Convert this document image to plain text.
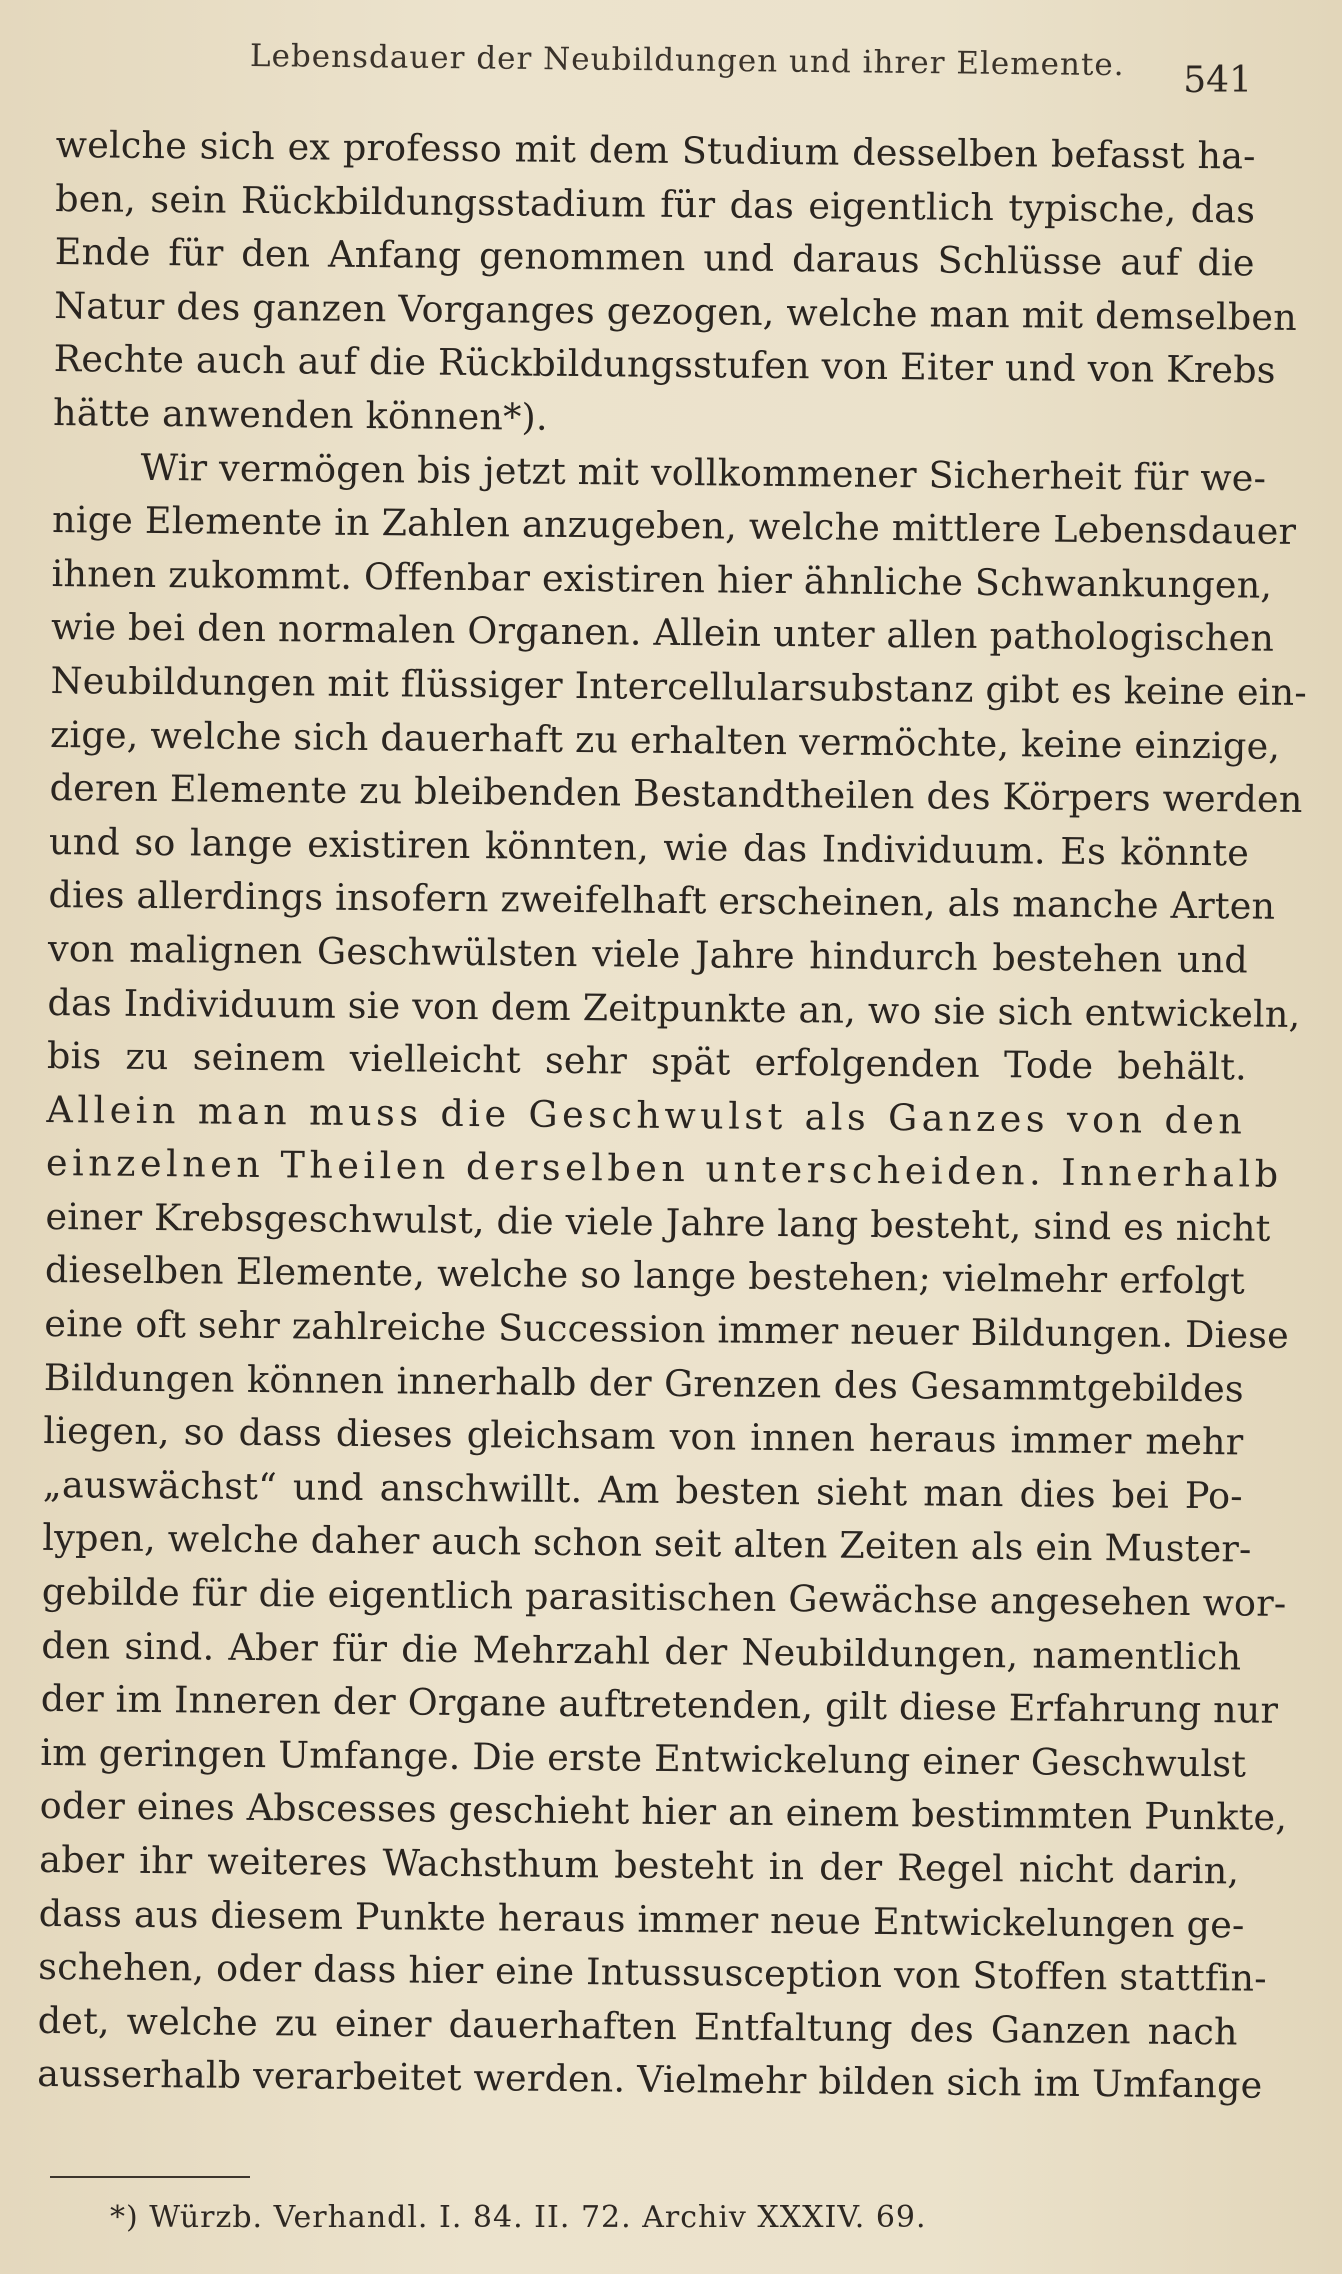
Lebensdauer der Neubildungen und ihrer Elemente. 541
welche sich ex professo mit dem Studium desselben befasst ha-
ben, sein Rückbildungsstadium für das eigentlich typische, das
Ende für den Anfang genommen und daraus Schlüsse auf die
Natur des ganzen Vorganges gezogen, welche man mit demselben
Rechte auch auf die Rückbildungsstufen von Eiter und von Krebs
hätte anwenden können*).
Wir vermögen bis jetzt mit vollkommener Sicherheit für we-
nige Elemente in Zahlen anzugeben, welche mittlere Lebensdauer
ihnen zukommt. Offenbar existiren hier ähnliche Schwankungen,
wie bei den normalen Organen. Allein unter allen pathologischen
Neubildungen mit flüssiger Intercellularsubstanz gibt es keine ein-
zige, welche sich dauerhaft zu erhalten vermöchte, keine einzige,
deren Elemente zu bleibenden Bestandtheilen des Körpers werden
und so lange existiren könnten, wie das Individuum. Es könnte
dies allerdings insofern zweifelhaft erscheinen, als manche Arten
von malignen Geschwülsten viele Jahre hindurch bestehen und
das Individuum sie von dem Zeitpunkte an, wo sie sich entwickeln,
bis zu seinem vielleicht sehr spät erfolgenden Tode behält.
Allein man muss die Geschwulst als Ganzes von den
einzelnen Theilen derselben unterscheiden. Innerhalb
einer Krebsgeschwulst, die viele Jahre lang besteht, sind es nicht
dieselben Elemente, welche so lange bestehen; vielmehr erfolgt
eine oft sehr zahlreiche Succession immer neuer Bildungen. Diese
Bildungen können innerhalb der Grenzen des Gesammtgebildes
liegen, so dass dieses gleichsam von innen heraus immer mehr
„auswächst“ und anschwillt. Am besten sieht man dies bei Po-
lypen, welche daher auch schon seit alten Zeiten als ein Muster-
gebilde für die eigentlich parasitischen Gewächse angesehen wor-
den sind. Aber für die Mehrzahl der Neubildungen, namentlich
der im Inneren der Organe auftretenden, gilt diese Erfahrung nur
im geringen Umfange. Die erste Entwickelung einer Geschwulst
oder eines Abscesses geschieht hier an einem bestimmten Punkte,
aber ihr weiteres Wachsthum besteht in der Regel nicht darin,
dass aus diesem Punkte heraus immer neue Entwickelungen ge-
schehen, oder dass hier eine Intussusception von Stoffen stattfin-
det, welche zu einer dauerhaften Entfaltung des Ganzen nach
ausserhalb verarbeitet werden. Vielmehr bilden sich im Umfange
*) Würzb. Verhandl. I. 84. II. 72. Archiv XXXIV. 69.
